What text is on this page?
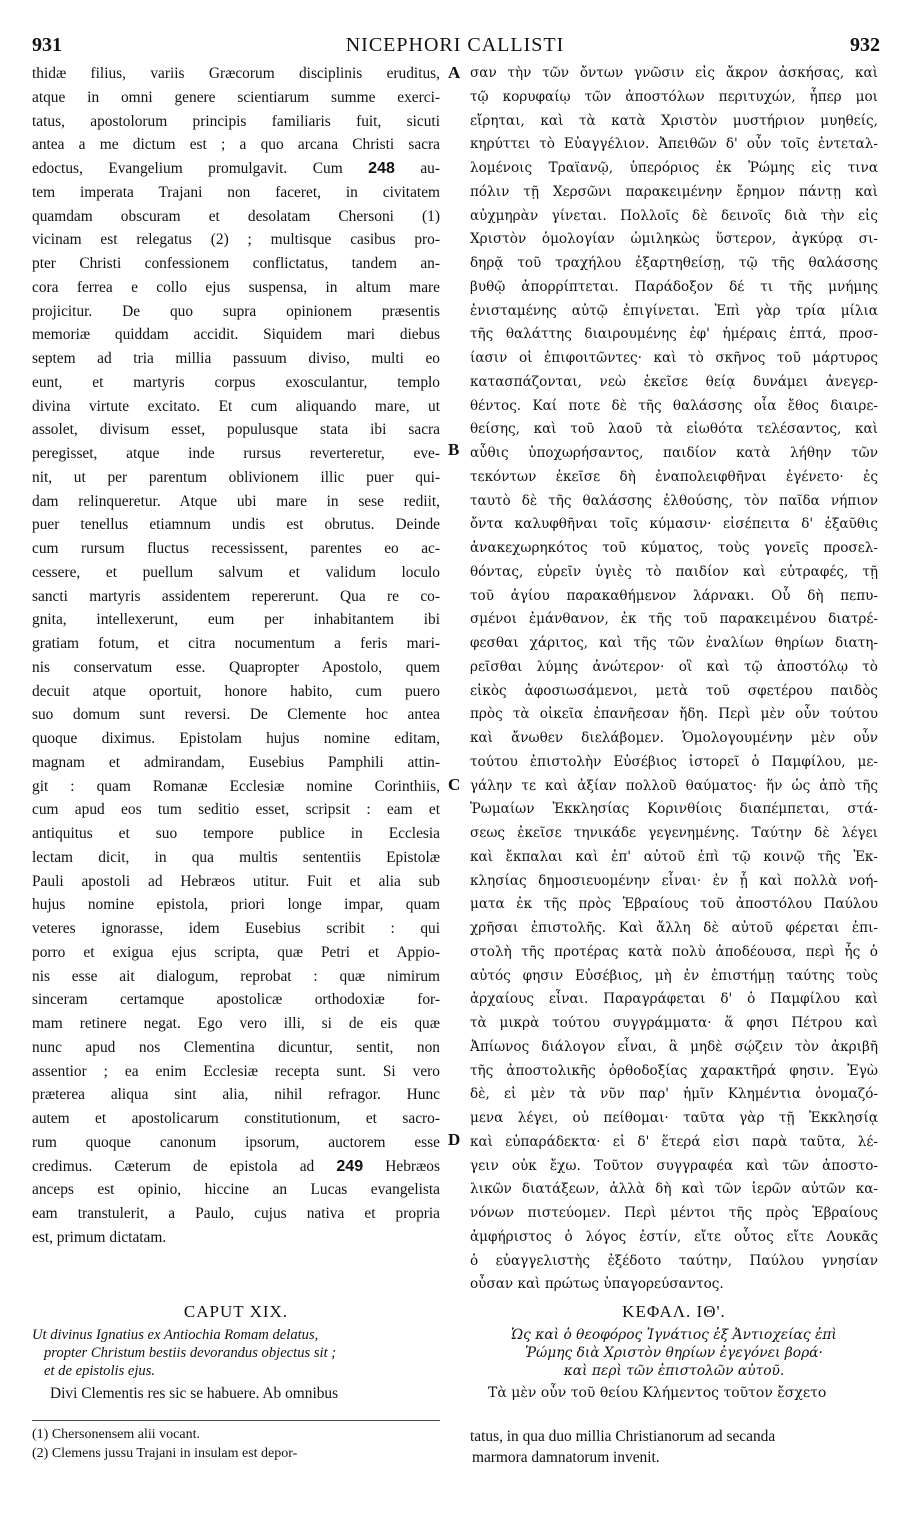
931	NICEPHORI CALLISTI	932
thidæ filius, variis Græcorum disciplinis eruditus,
atque in omni genere scientiarum summe exerci-
tatus, apostolorum principis familiaris fuit, sicuti
antea a me dictum est ; a quo arcana Christi sacra
edoctus, Evangelium promulgavit. Cum 248 au-
tem imperata Trajani non faceret, in civitatem
quamdam obscuram et desolatam Chersoni (1)
vicinam est relegatus (2) ; multisque casibus pro-
pter Christi confessionem conflictatus, tandem an-
cora ferrea e collo ejus suspensa, in altum mare
projicitur. De quo supra opinionem præsentis
memoriæ quiddam accidit. Siquidem mari diebus
septem ad tria millia passuum diviso, multi eo
eunt, et martyris corpus exosculantur, templo
divina virtute excitato. Et cum aliquando mare, ut
assolet, divisum esset, populusque stata ibi sacra
peregisset, atque inde rursus reverteretur, eve-
nit, ut per parentum oblivionem illic puer qui-
dam relinqueretur. Atque ubi mare in sese rediit,
puer tenellus etiamnum undis est obrutus. Deinde
cum rursum fluctus recessissent, parentes eo ac-
cessere, et puellum salvum et validum loculo
sancti martyris assidentem repererunt. Qua re co-
gnita, intellexerunt, eum per inhabitantem ibi
gratiam fotum, et citra nocumentum a feris mari-
nis conservatum esse. Quapropter Apostolo, quem
decuit atque oportuit, honore habito, cum puero
suo domum sunt reversi. De Clemente hoc antea
quoque diximus. Epistolam hujus nomine editam,
magnam et admirandam, Eusebius Pamphili attin-
git : quam Romanæ Ecclesiæ nomine Corinthiis,
cum apud eos tum seditio esset, scripsit : eam et
antiquitus et suo tempore publice in Ecclesia
lectam dicit, in qua multis sententiis Epistolæ
Pauli apostoli ad Hebræos utitur. Fuit et alia sub
hujus nomine epistola, priori longe impar, quam
veteres ignorasse, idem Eusebius scribit : qui
porro et exigua ejus scripta, quæ Petri et Appio-
nis esse ait dialogum, reprobat : quæ nimirum
sinceram certamque apostolicæ orthodoxiæ for-
mam retinere negat. Ego vero illi, si de eis quæ
nunc apud nos Clementina dicuntur, sentit, non
assentior ; ea enim Ecclesiæ recepta sunt. Si vero
præterea aliqua sint alia, nihil refragor. Hunc
autem et apostolicarum constitutionum, et sacro-
rum quoque canonum ipsorum, auctorem esse
credimus. Cæterum de epistola ad 249 Hebræos
anceps est opinio, hiccine an Lucas evangelista
eam transtulerit, a Paulo, cujus nativa et propria
est, primum dictatam.
σαν τὴν τῶν ὄντων γνῶσιν εἰς ἄκρον ἀσκήσας, καὶ
τῷ κορυφαίῳ τῶν ἀποστόλων περιτυχών, ἧπερ μοι
εἴρηται, καὶ τὰ κατὰ Χριστὸν μυστήριον μυηθείς,
κηρύττει τὸ Εὐαγγέλιον. Ἀπειθῶν δ' οὖν τοῖς ἐντεταλ-
λομένοις Τραϊανῷ, ὑπερόριος ἐκ Ῥώμης εἰς τινα
πόλιν τῇ Χερσῶνι παρακειμένην ἔρημον πάντῃ καὶ
αὐχμηρὰν γίνεται. Πολλοῖς δὲ δεινοῖς διὰ τὴν εἰς
Χριστὸν ὁμολογίαν ὡμιληκὼς ὕστερον, ἀγκύρᾳ σι-
δηρᾷ τοῦ τραχήλου ἐξαρτηθείσῃ, τῷ τῆς θαλάσσης
βυθῷ ἀπορρίπτεται. Παράδοξον δέ τι τῆς μνήμης
ἐνισταμένης αὐτῷ ἐπιγίνεται. Ἐπὶ γὰρ τρία μίλια
τῆς θαλάττης διαιρουμένης ἐφ' ἡμέραις ἑπτά, προσ-
ίασιν οἱ ἐπιφοιτῶντες· καὶ τὸ σκῆνος τοῦ μάρτυρος
κατασπάζονται, νεὼ ἐκεῖσε θείᾳ δυνάμει ἀνεγερ-
θέντος. Καί ποτε δὲ τῆς θαλάσσης οἷα ἔθος διαιρε-
θείσης, καὶ τοῦ λαοῦ τὰ εἰωθότα τελέσαντος, καὶ
αὖθις ὑποχωρήσαντος, παιδίον κατὰ λήθην τῶν
τεκόντων ἐκεῖσε δὴ ἐναπολειφθῆναι ἐγένετο· ἐς
ταυτὸ δὲ τῆς θαλάσσης ἐλθούσης, τὸν παῖδα νήπιον
ὄντα καλυφθῆναι τοῖς κύμασιν· εἰσέπειτα δ' ἐξαῦθις
ἀνακεχωρηκότος τοῦ κύματος, τοὺς γονεῖς προσελ-
θόντας, εὑρεῖν ὑγιὲς τὸ παιδίον καὶ εὐτραφές, τῇ
τοῦ ἁγίου παρακαθήμενον λάρνακι. Οὗ δὴ πεπυ-
σμένοι ἐμάνθανον, ἐκ τῆς τοῦ παρακειμένου διατρέ-
φεσθαι χάριτος, καὶ τῆς τῶν ἐναλίων θηρίων διατη-
ρεῖσθαι λύμης ἀνώτερον· οἳ καὶ τῷ ἀποστόλῳ τὸ
εἰκὸς ἀφοσιωσάμενοι, μετὰ τοῦ σφετέρου παιδὸς
πρὸς τὰ οἰκεῖα ἐπανῆεσαν ἤδη. Περὶ μὲν οὖν τούτου
καὶ ἄνωθεν διελάβομεν. Ὁμολογουμένην μὲν οὖν
τούτου ἐπιστολὴν Εὐσέβιος ἱστορεῖ ὁ Παμφίλου, με-
γάλην τε καὶ ἀξίαν πολλοῦ θαύματος· ἥν ὡς ἀπὸ τῆς
Ῥωμαίων Ἐκκλησίας Κορινθίοις διαπέμπεται, στά-
σεως ἐκεῖσε τηνικάδε γεγενημένης. Ταύτην δὲ λέγει
καὶ ἔκπαλαι καὶ ἐπ' αὐτοῦ ἐπὶ τῷ κοινῷ τῆς Ἐκ-
κλησίας δημοσιευομένην εἶναι· ἐν ᾗ καὶ πολλὰ νοή-
ματα ἐκ τῆς πρὸς Ἑβραίους τοῦ ἀποστόλου Παύλου
χρῆσαι ἐπιστολῆς. Καὶ ἄλλη δὲ αὐτοῦ φέρεται ἐπι-
στολὴ τῆς προτέρας κατὰ πολὺ ἀποδέουσα, περὶ ἧς ὁ
αὐτός φησιν Εὐσέβιος, μὴ ἐν ἐπιστήμῃ ταύτης τοὺς
ἀρχαίους εἶναι. Παραγράφεται δ' ὁ Παμφίλου καὶ
τὰ μικρὰ τούτου συγγράμματα· ἅ φησι Πέτρου καὶ
Ἀπίωνος διάλογον εἶναι, ἃ μηδὲ σῴζειν τὸν ἀκριβῆ
τῆς ἀποστολικῆς ὀρθοδοξίας χαρακτῆρά φησιν. Ἐγὼ
δὲ, εἰ μὲν τὰ νῦν παρ' ἡμῖν Κλημέντια ὀνομαζό-
μενα λέγει, οὐ πείθομαι· ταῦτα γὰρ τῇ Ἐκκλησίᾳ
καὶ εὐπαράδεκτα· εἰ δ' ἕτερά εἰσι παρὰ ταῦτα, λέ-
γειν οὐκ ἔχω. Τοῦτον συγγραφέα καὶ τῶν ἀποστο-
λικῶν διατάξεων, ἀλλὰ δὴ καὶ τῶν ἱερῶν αὐτῶν κα-
νόνων πιστεύομεν. Περὶ μέντοι τῆς πρὸς Ἑβραίους
ἀμφήριστος ὁ λόγος ἐστίν, εἴτε οὗτος εἴτε Λουκᾶς
ὁ εὐαγγελιστὴς ἐξέδοτο ταύτην, Παύλου γνησίαν
οὖσαν καὶ πρώτως ὑπαγορεύσαντος.
A
B
C
D
CAPUT XIX.
Ut divinus Ignatius ex Antiochia Romam delatus,
propter Christum bestiis devorandus objectus sit ;
et de epistolis ejus.
Divi Clementis res sic se habuere. Ab omnibus
ΚΕΦΑΛ. ΙΘ'.
Ὡς καὶ ὁ θεοφόρος Ἰγνάτιος ἐξ Ἀντιοχείας ἐπὶ
Ῥώμης διὰ Χριστὸν θηρίων ἐγεγόνει βορά·
καὶ περὶ τῶν ἐπιστολῶν αὐτοῦ.
Τὰ μὲν οὖν τοῦ θείου Κλήμεντος τοῦτον ἔσχετο
(1) Chersonensem alii vocant.
(2) Clemens jussu Trajani in insulam est depor-
tatus, in qua duo millia Christianorum ad secanda
marmora damnatorum invenit.
